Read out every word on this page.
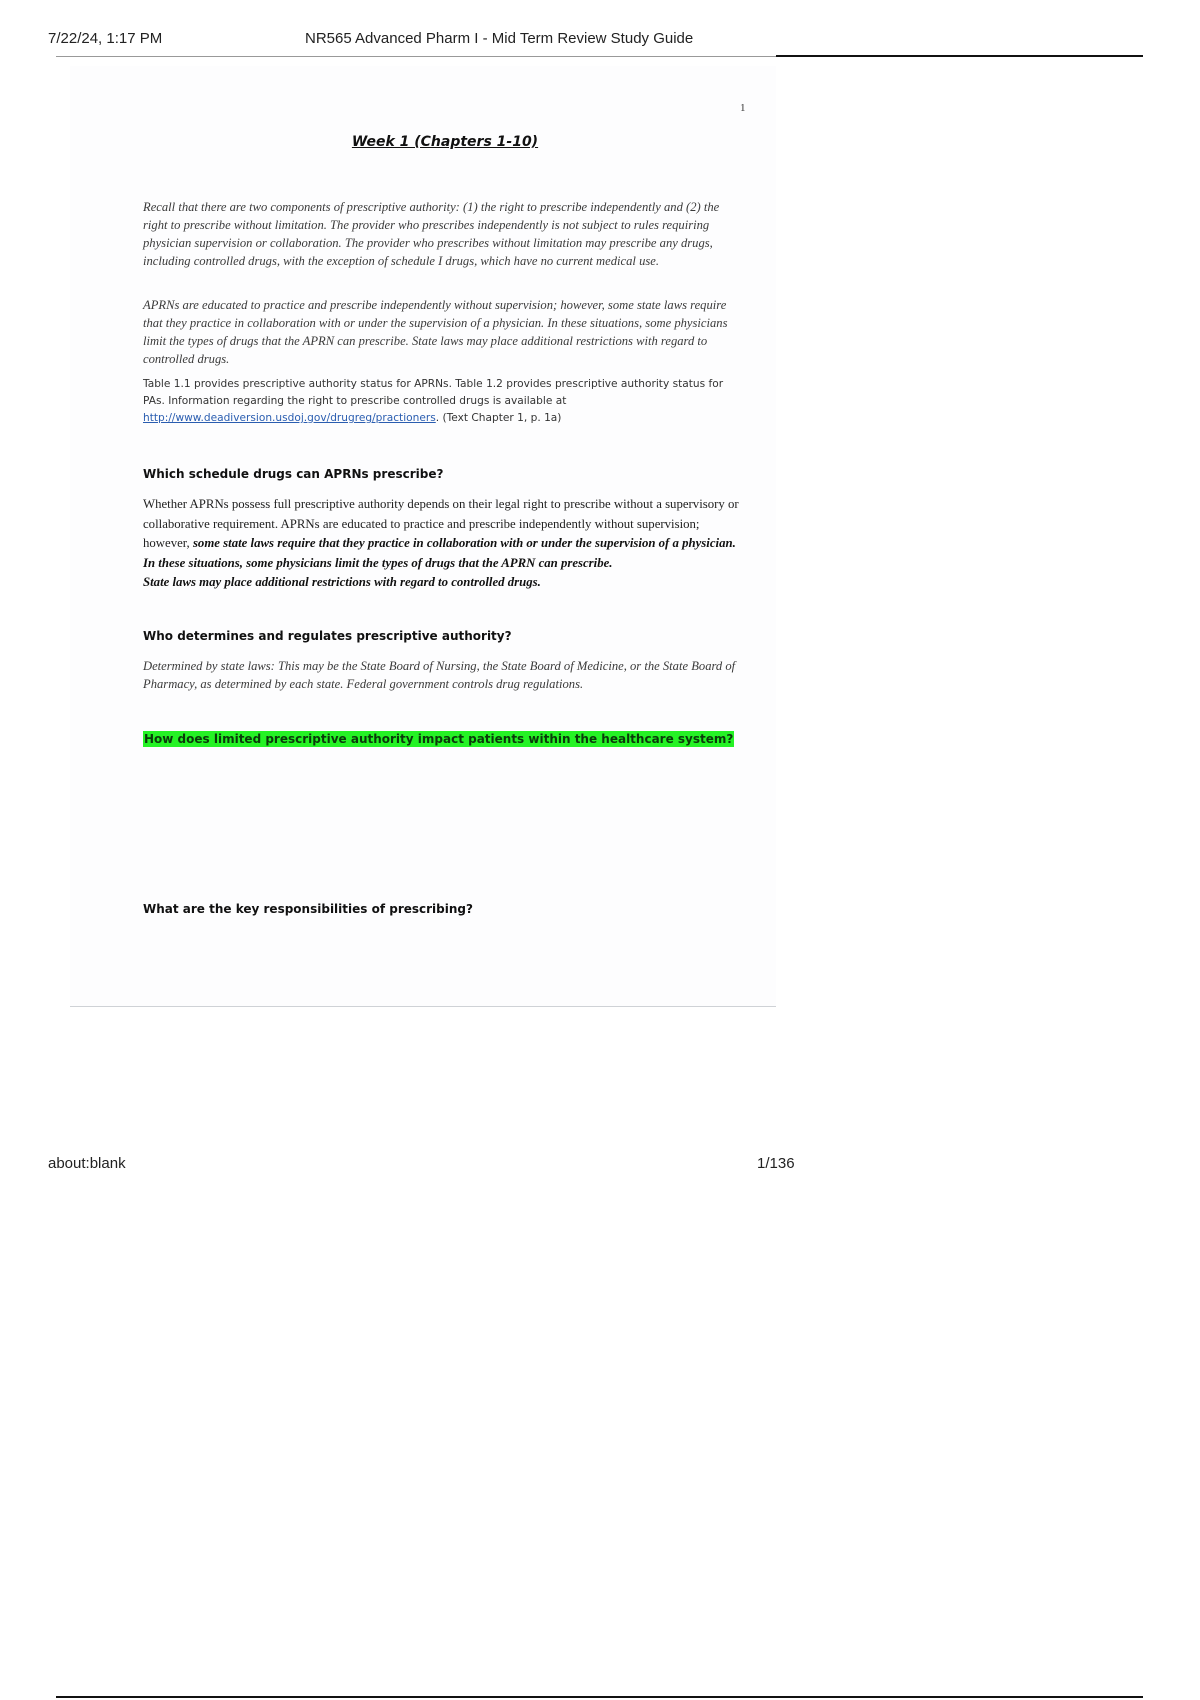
7/22/24, 1:17 PM	NR565 Advanced Pharm I - Mid Term Review Study Guide
1
Week 1 (Chapters 1-10)

Recall that there are two components of prescriptive authority: (1) the right to prescribe independently and (2) the right to prescribe without limitation. The provider who prescribes independently is not subject to rules requiring physician supervision or collaboration. The provider who prescribes without limitation may prescribe any drugs, including controlled drugs, with the exception of schedule I drugs, which have no current medical use.

APRNs are educated to practice and prescribe independently without supervision; however, some state laws require that they practice in collaboration with or under the supervision of a physician. In these situations, some physicians limit the types of drugs that the APRN can prescribe. State laws may place additional restrictions with regard to controlled drugs.

Table 1.1 provides prescriptive authority status for APRNs. Table 1.2 provides prescriptive authority status for PAs. Information regarding the right to prescribe controlled drugs is available at http://www.deadiversion.usdoj.gov/drugreg/practioners. (Text Chapter 1, p. 1a)

Which schedule drugs can APRNs prescribe?

Whether APRNs possess full prescriptive authority depends on their legal right to prescribe without a supervisory or collaborative requirement. APRNs are educated to practice and prescribe independently without supervision; however, some state laws require that they practice in collaboration with or under the supervision of a physician. In these situations, some physicians limit the types of drugs that the APRN can prescribe.
State laws may place additional restrictions with regard to controlled drugs.

Who determines and regulates prescriptive authority?

Determined by state laws: This may be the State Board of Nursing, the State Board of Medicine, or the State Board of Pharmacy, as determined by each state. Federal government controls drug regulations.

How does limited prescriptive authority impact patients within the healthcare system?

What are the key responsibilities of prescribing?

about:blank	1/136
